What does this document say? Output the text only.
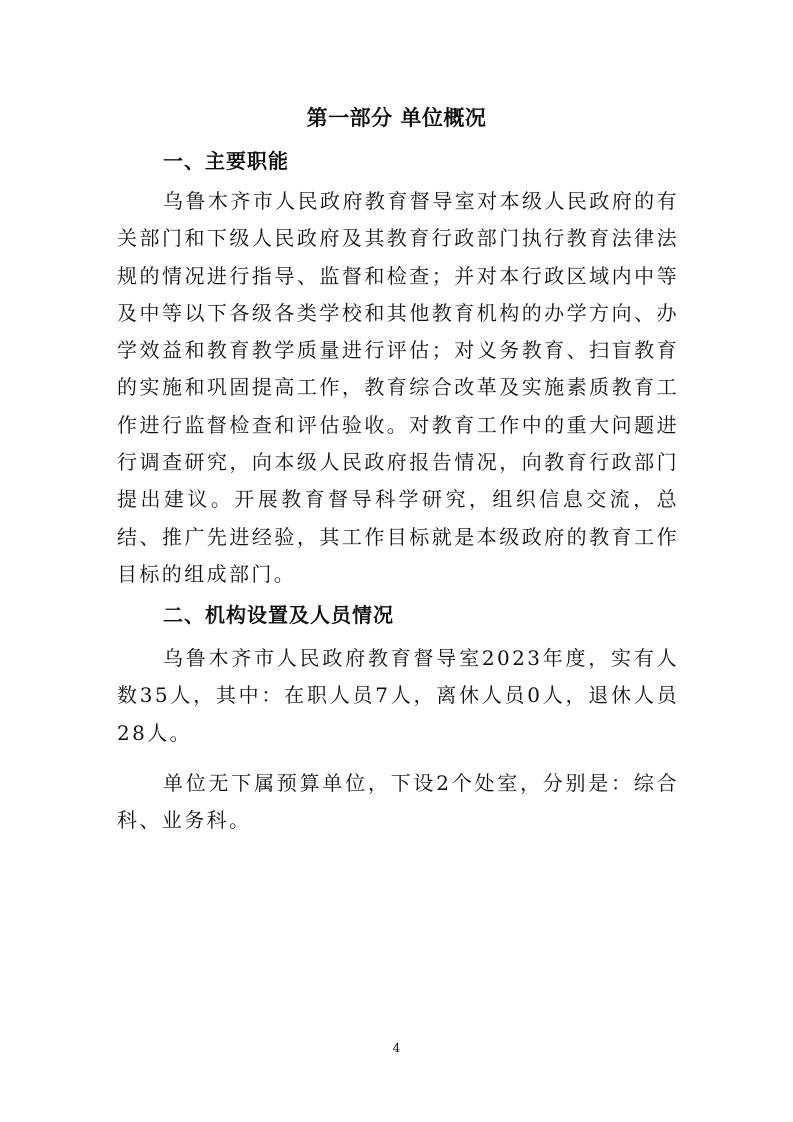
第一部分 单位概况
一、主要职能

乌鲁木齐市人民政府教育督导室对本级人民政府的有关部门和下级人民政府及其教育行政部门执行教育法律法规的情况进行指导、监督和检查；并对本行政区域内中等及中等以下各级各类学校和其他教育机构的办学方向、办学效益和教育教学质量进行评估；对义务教育、扫盲教育的实施和巩固提高工作，教育综合改革及实施素质教育工作进行监督检查和评估验收。对教育工作中的重大问题进行调查研究，向本级人民政府报告情况，向教育行政部门提出建议。开展教育督导科学研究，组织信息交流，总结、推广先进经验，其工作目标就是本级政府的教育工作目标的组成部门。

二、机构设置及人员情况

乌鲁木齐市人民政府教育督导室2023年度，实有人数35人，其中：在职人员7人，离休人员0人，退休人员28人。

单位无下属预算单位，下设2个处室，分别是：综合科、业务科。

4
